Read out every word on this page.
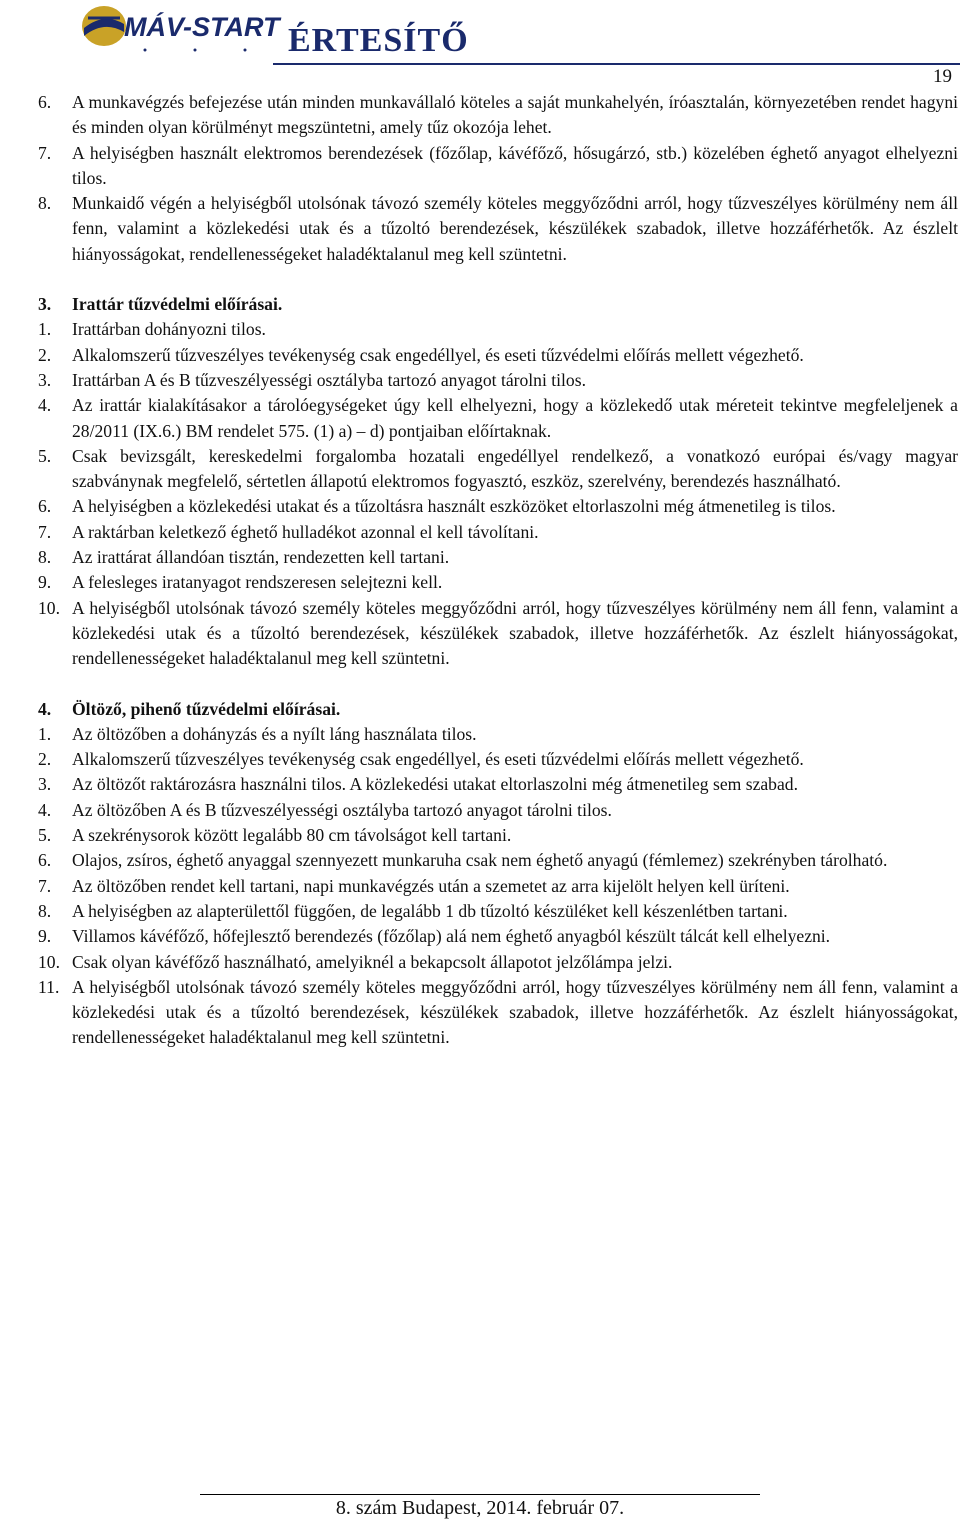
MÁV-START ÉRTESÍTŐ
19
6.	A munkavégzés befejezése után minden munkavállaló köteles a saját munkahelyén, íróasztalán, környezetében rendet hagyni és minden olyan körülményt megszüntetni, amely tűz okozója lehet.
7.	A helyiségben használt elektromos berendezések (főzőlap, kávéfőző, hősugárzó, stb.) közelében éghető anyagot elhelyezni tilos.
8.	Munkaidő végén a helyiségből utolsónak távozó személy köteles meggyőződni arról, hogy tűzveszélyes körülmény nem áll fenn, valamint a közlekedési utak és a tűzoltó berendezések, készülékek szabadok, illetve hozzáférhetők. Az észlelt hiányosságokat, rendellenességeket haladéktalanul meg kell szüntetni.
3.	Irattár tűzvédelmi előírásai.
1.	Irattárban dohányozni tilos.
2.	Alkalomszerű tűzveszélyes tevékenység csak engedéllyel, és eseti tűzvédelmi előírás mellett végezhető.
3.	Irattárban A és B tűzveszélyességi osztályba tartozó anyagot tárolni tilos.
4.	Az irattár kialakításakor a tárolóegységeket úgy kell elhelyezni, hogy a közlekedő utak méreteit tekintve megfeleljenek a 28/2011 (IX.6.) BM rendelet 575. (1) a) – d) pontjaiban előírtaknak.
5.	Csak bevizsgált, kereskedelmi forgalomba hozatali engedéllyel rendelkező, a vonatkozó európai és/vagy magyar szabványnak megfelelő, sértetlen állapotú elektromos fogyasztó, eszköz, szerelvény, berendezés használható.
6.	A helyiségben a közlekedési utakat és a tűzoltásra használt eszközöket eltorlaszolni még átmenetileg is tilos.
7.	A raktárban keletkező éghető hulladékot azonnal el kell távolítani.
8.	Az irattárat állandóan tisztán, rendezetten kell tartani.
9.	A felesleges iratanyagot rendszeresen selejtezni kell.
10. A helyiségből utolsónak távozó személy köteles meggyőződni arról, hogy tűzveszélyes körülmény nem áll fenn, valamint a közlekedési utak és a tűzoltó berendezések, készülékek szabadok, illetve hozzáférhetők. Az észlelt hiányosságokat, rendellenességeket haladéktalanul meg kell szüntetni.
4.	Öltöző, pihenő tűzvédelmi előírásai.
1.	Az öltözőben a dohányzás és a nyílt láng használata tilos.
2.	Alkalomszerű tűzveszélyes tevékenység csak engedéllyel, és eseti tűzvédelmi előírás mellett végezhető.
3.	Az öltözőt raktározásra használni tilos. A közlekedési utakat eltorlaszolni még átmenetileg sem szabad.
4.	Az öltözőben A és B tűzveszélyességi osztályba tartozó anyagot tárolni tilos.
5.	A szekrénysorok között legalább 80 cm távolságot kell tartani.
6.	Olajos, zsíros, éghető anyaggal szennyezett munkaruha csak nem éghető anyagú (fémlemez) szekrényben tárolható.
7.	Az öltözőben rendet kell tartani, napi munkavégzés után a szemetet az arra kijelölt helyen kell üríteni.
8.	A helyiségben az alapterülettől függően, de legalább 1 db tűzoltó készüléket kell készenlétben tartani.
9.	Villamos kávéfőző, hőfejlesztő berendezés (főzőlap) alá nem éghető anyagból készült tálcát kell elhelyezni.
10. Csak olyan kávéfőző használható, amelyiknél a bekapcsolt állapotot jelzőlámpa jelzi.
11. A helyiségből utolsónak távozó személy köteles meggyőződni arról, hogy tűzveszélyes körülmény nem áll fenn, valamint a közlekedési utak és a tűzoltó berendezések, készülékek szabadok, illetve hozzáférhetők. Az észlelt hiányosságokat, rendellenességeket haladéktalanul meg kell szüntetni.
8. szám Budapest, 2014. február 07.
